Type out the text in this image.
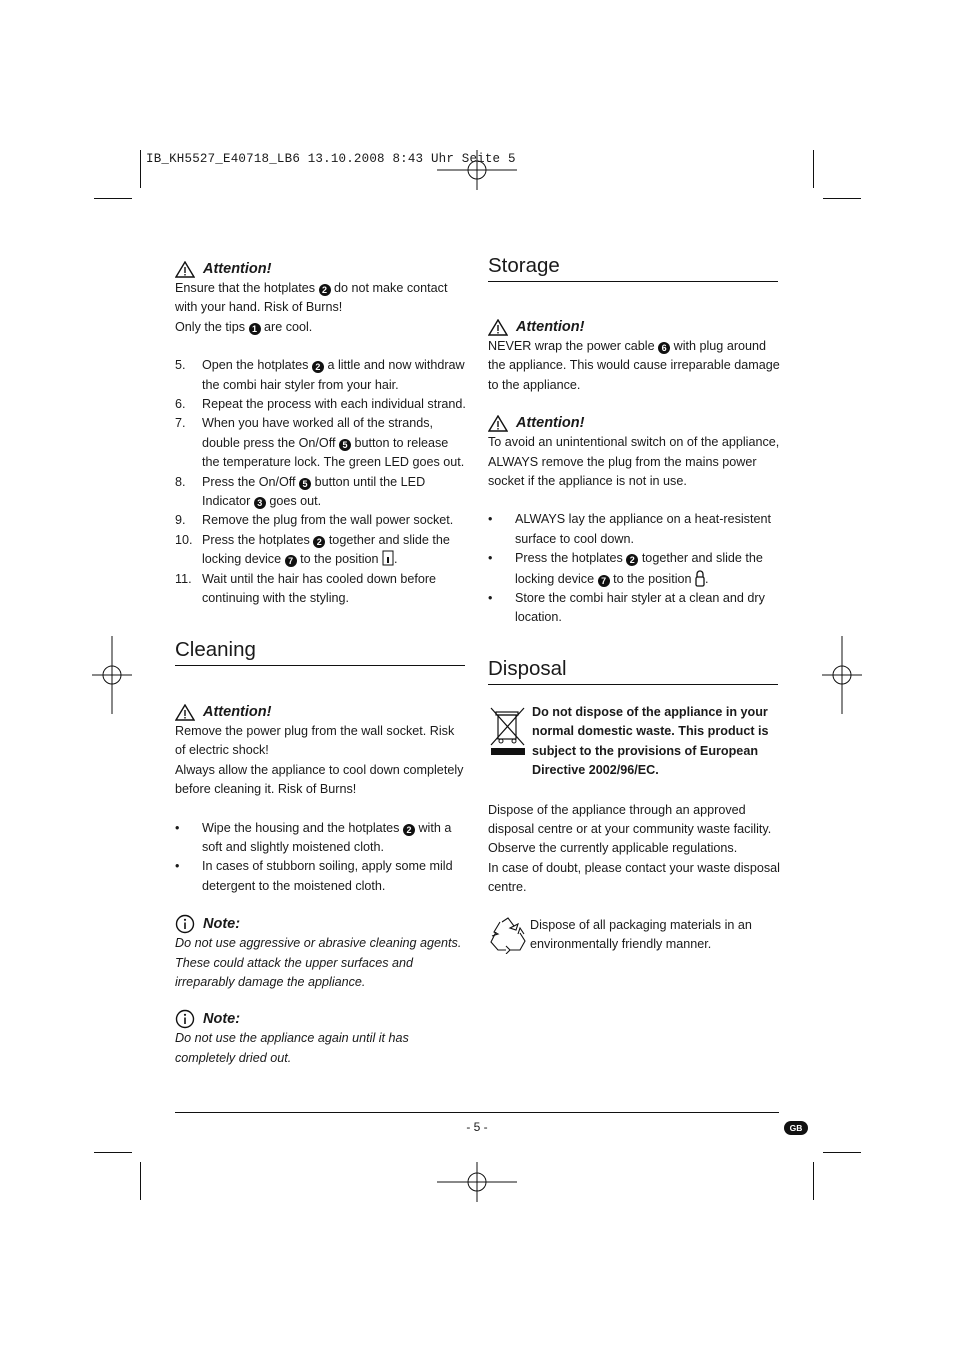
IB_KH5527_E40718_LB6 13.10.2008 8:43 Uhr Seite 5
Attention!

Ensure that the hotplates 2 do not make contact with your hand. Risk of Burns!

Only the tips 1 are cool.

5.	Open the hotplates 2 a little and now withdraw the combi hair styler from your hair.
6.	Repeat the process with each individual strand.
7.	When you have worked all of the strands, double press the On/Off 5 button to release the temperature lock. The green LED goes out.
8.	Press the On/Off 5 button until the LED Indicator 3 goes out.
9.	Remove the plug from the wall power socket.
10. Press the hotplates 2 together and slide the locking device 7 to the position .
11. Wait until the hair has cooled down before continuing with the styling.
Cleaning
Attention!

Remove the power plug from the wall socket. Risk of electric shock!

Always allow the appliance to cool down completely before cleaning it. Risk of Burns!

•	Wipe the housing and the hotplates 2 with a soft and slightly moistened cloth.
•	In cases of stubborn soiling, apply some mild detergent to the moistened cloth.
Note:

Do not use aggressive or abrasive cleaning agents. These could attack the upper surfaces and irreparably damage the appliance.

Note:

Do not use the appliance again until it has completely dried out.

Storage
Attention!

NEVER wrap the power cable 6 with plug around the appliance. This would cause irreparable damage to the appliance.

Attention!

To avoid an unintentional switch on of the appliance, ALWAYS remove the plug from the mains power socket if the appliance is not in use.

•	ALWAYS lay the appliance on a heat-resistent surface to cool down.
•	Press the hotplates 2 together and slide the locking device 7 to the position .
•	Store the combi hair styler at a clean and dry location.
Disposal

Do not dispose of the appliance in your normal domestic waste. This product is subject to the provisions of European Directive 2002/96/EC.

Dispose of the appliance through an approved disposal centre or at your community waste facility. Observe the currently applicable regulations.

In case of doubt, please contact your waste disposal centre.

Dispose of all packaging materials in an environmentally friendly manner.

- 5 -	GB
